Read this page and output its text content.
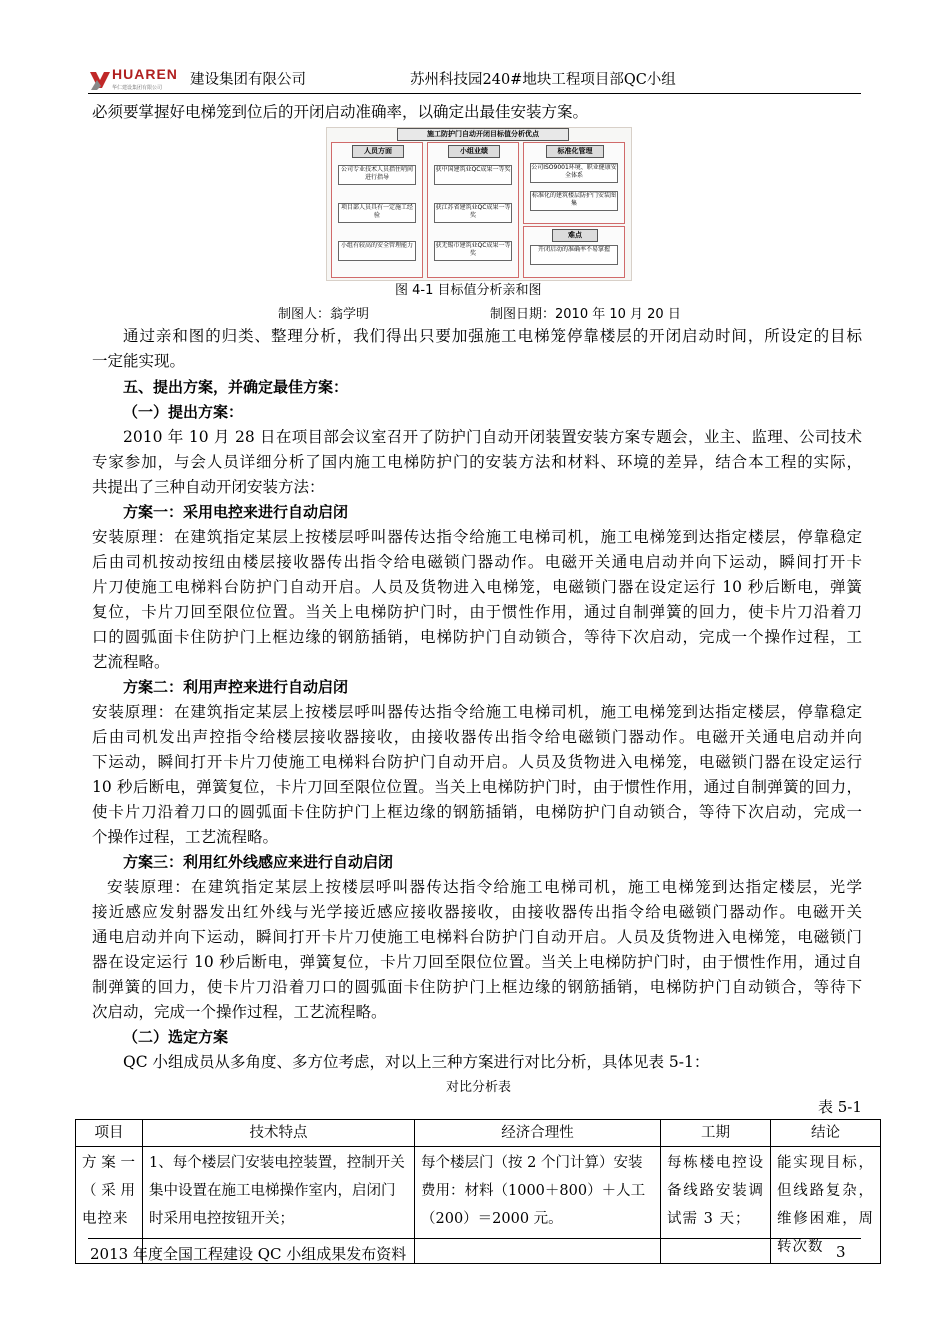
HUAREN
华仁建设集团有限公司 建设集团有限公司	苏州科技园240#地块工程项目部QC小组
必须要掌握好电梯笼到位后的开闭启动准确率，以确定出最佳安装方案。
施工防护门自动开闭目标值分析优点
人员方面
公司专业技术人员指住哨间进行指导
项目部人员具有一定施工经验
小组有较高的安全管理能力
小组业绩
获中国建筑业QC成果一等奖
获江苏省建筑业QC成果一等奖
获无锡市建筑业QC成果一等奖
标准化管理
公司ISO9001环境、职业健康安全体系
标准化的建筑楼层防护门安装图集
难点
开闭启动的准确率不易掌握
图 4-1 目标值分析亲和图
制图人：翁学明	制图日期：2010 年 10 月 20 日
通过亲和图的归类、整理分析，我们得出只要加强施工电梯笼停靠楼层的开闭启动时间，所设定的目标
一定能实现。
五、提出方案，并确定最佳方案：
（一）提出方案：
2010 年 10 月 28 日在项目部会议室召开了防护门自动开闭装置安装方案专题会，业主、监理、公司技术
专家参加，与会人员详细分析了国内施工电梯防护门的安装方法和材料、环境的差异，结合本工程的实际，
共提出了三种自动开闭安装方法：
方案一：采用电控来进行自动启闭
安装原理：在建筑指定某层上按楼层呼叫器传达指令给施工电梯司机，施工电梯笼到达指定楼层，停靠稳定
后由司机按动按纽由楼层接收器传出指令给电磁锁门器动作。电磁开关通电启动并向下运动，瞬间打开卡
片刀使施工电梯料台防护门自动开启。人员及货物进入电梯笼，电磁锁门器在设定运行 10 秒后断电，弹簧
复位，卡片刀回至限位位置。当关上电梯防护门时，由于惯性作用，通过自制弹簧的回力，使卡片刀沿着刀
口的圆弧面卡住防护门上框边缘的钢筋插销，电梯防护门自动锁合，等待下次启动，完成一个操作过程，工
艺流程略。
方案二：利用声控来进行自动启闭
安装原理：在建筑指定某层上按楼层呼叫器传达指令给施工电梯司机，施工电梯笼到达指定楼层，停靠稳定
后由司机发出声控指令给楼层接收器接收，由接收器传出指令给电磁锁门器动作。电磁开关通电启动并向
下运动，瞬间打开卡片刀使施工电梯料台防护门自动开启。人员及货物进入电梯笼，电磁锁门器在设定运行
10 秒后断电，弹簧复位，卡片刀回至限位位置。当关上电梯防护门时，由于惯性作用，通过自制弹簧的回力，
使卡片刀沿着刀口的圆弧面卡住防护门上框边缘的钢筋插销，电梯防护门自动锁合，等待下次启动，完成一
个操作过程，工艺流程略。
方案三：利用红外线感应来进行自动启闭
安装原理：在建筑指定某层上按楼层呼叫器传达指令给施工电梯司机，施工电梯笼到达指定楼层，光学
接近感应发射器发出红外线与光学接近感应接收器接收，由接收器传出指令给电磁锁门器动作。电磁开关
通电启动并向下运动，瞬间打开卡片刀使施工电梯料台防护门自动开启。人员及货物进入电梯笼，电磁锁门
器在设定运行 10 秒后断电，弹簧复位，卡片刀回至限位位置。当关上电梯防护门时，由于惯性作用，通过自
制弹簧的回力，使卡片刀沿着刀口的圆弧面卡住防护门上框边缘的钢筋插销，电梯防护门自动锁合，等待下
次启动，完成一个操作过程，工艺流程略。
（二）选定方案
QC 小组成员从多角度、多方位考虑，对以上三种方案进行对比分析，具体见表 5-1：
对比分析表
表 5-1
项目	技术特点	经济合理性	工期	结论
方案一（采用电控来	1、每个楼层门安装电控装置，控制开关集中设置在施工电梯操作室内，启闭门时采用电控按钮开关；	每个楼层门（按 2 个门计算）安装费用：材料（1000＋800）＋人工（200）＝2000 元。	每栋楼电控设备线路安装调试需 3 天；	能实现目标，但线路复杂，维修困难，周转次数
2013 年度全国工程建设 QC 小组成果发布资料	3
